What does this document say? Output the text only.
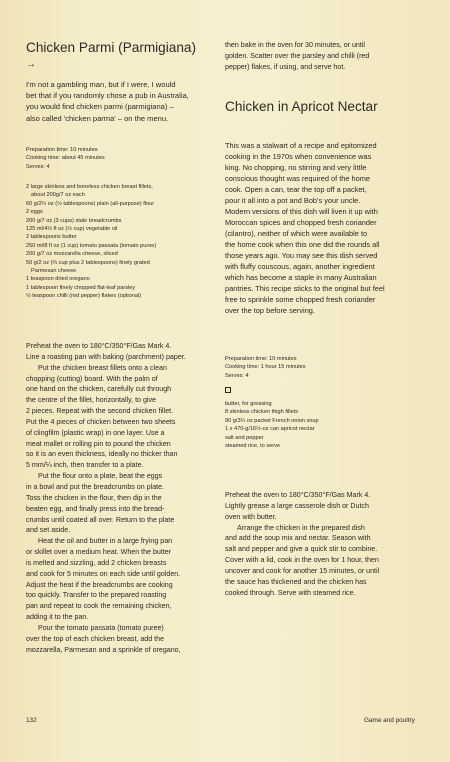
Chicken Parmi (Parmigiana)
→
I'm not a gambling man, but if I were, I would
bet that if you randomly chose a pub in Australia,
you would find chicken parmi (parmigiana) –
also called 'chicken parma' – on the menu.
Preparation time: 10 minutes
Cooking time: about 45 minutes
Serves: 4
2 large skinless and boneless chicken breast fillets,
about 200g/7 oz each
60 g/2¼ oz (½ tablespoons) plain (all-purpose) flour
2 eggs
200 g/7 oz (3 cups) stale breadcrumbs
125 ml/4½ fl oz (½ cup) vegetable oil
2 tablespoons butter
250 ml/8 fl oz (1 cup) tomato passata (tomato puree)
200 g/7 oz mozzarella cheese, sliced
50 g/2 oz (⅔ cup plus 2 tablespoons) finely grated
Parmesan cheese
1 teaspoon dried oregano
1 tablespoon finely chopped flat-leaf parsley
½ teaspoon chilli (red pepper) flakes (optional)
Preheat the oven to 180°C/350°F/Gas Mark 4.
Line a roasting pan with baking (parchment) paper.
Put the chicken breast fillets onto a clean
chopping (cutting) board. With the palm of
one hand on the chicken, carefully cut through
the centre of the fillet, horizontally, to give
2 pieces. Repeat with the second chicken fillet.
Put the 4 pieces of chicken between two sheets
of clingfilm (plastic wrap) in one layer. Use a
meat mallet or rolling pin to pound the chicken
so it is an even thickness, ideally no thicker than
5 mm/¼ inch, then transfer to a plate.
Put the flour onto a plate, beat the eggs
in a bowl and put the breadcrumbs on plate.
Toss the chicken in the flour, then dip in the
beaten egg, and finally press into the bread-
crumbs until coated all over. Return to the plate
and set aside.
Heat the oil and butter in a large frying pan
or skillet over a medium heat. When the butter
is melted and sizzling, add 2 chicken breasts
and cook for 5 minutes on each side until golden.
Adjust the heat if the breadcrumbs are cooking
too quickly. Transfer to the prepared roasting
pan and repeat to cook the remaining chicken,
adding it to the pan.
Pour the tomato passata (tomato puree)
over the top of each chicken breast, add the
mozzarella, Parmesan and a sprinkle of oregano,
132
then bake in the oven for 30 minutes, or until
golden. Scatter over the parsley and chilli (red
pepper) flakes, if using, and serve hot.
Chicken in Apricot Nectar
This was a stalwart of a recipe and epitomized
cooking in the 1970s when convenience was
king. No chopping, no stirring and very little
conscious thought was required of the home
cook. Open a can, tear the top off a packet,
pour it all into a pot and Bob's your uncle.
Modern versions of this dish will liven it up with
Moroccan spices and chopped fresh coriander
(cilantro), neither of which were available to
the home cook when this one did the rounds all
those years ago. You may see this dish served
with fluffy couscous, again, another ingredient
which has become a staple in many Australian
pantries. This recipe sticks to the original but feel
free to sprinkle some chopped fresh coriander
over the top before serving.
Preparation time: 10 minutes
Cooking time: 1 hour 15 minutes
Serves: 4
butter, for greasing
8 skinless chicken thigh fillets
90 g/3¼ oz packet French onion soup
1 x 470-g/16½-oz can apricot nectar
salt and pepper
steamed rice, to serve
Preheat the oven to 180°C/350°F/Gas Mark 4.
Lightly grease a large casserole dish or Dutch
oven with butter.
Arrange the chicken in the prepared dish
and add the soup mix and nectar. Season with
salt and pepper and give a quick stir to combine.
Cover with a lid, cook in the oven for 1 hour, then
uncover and cook for another 15 minutes, or until
the sauce has thickened and the chicken has
cooked through. Serve with steamed rice.
Game and poultry
